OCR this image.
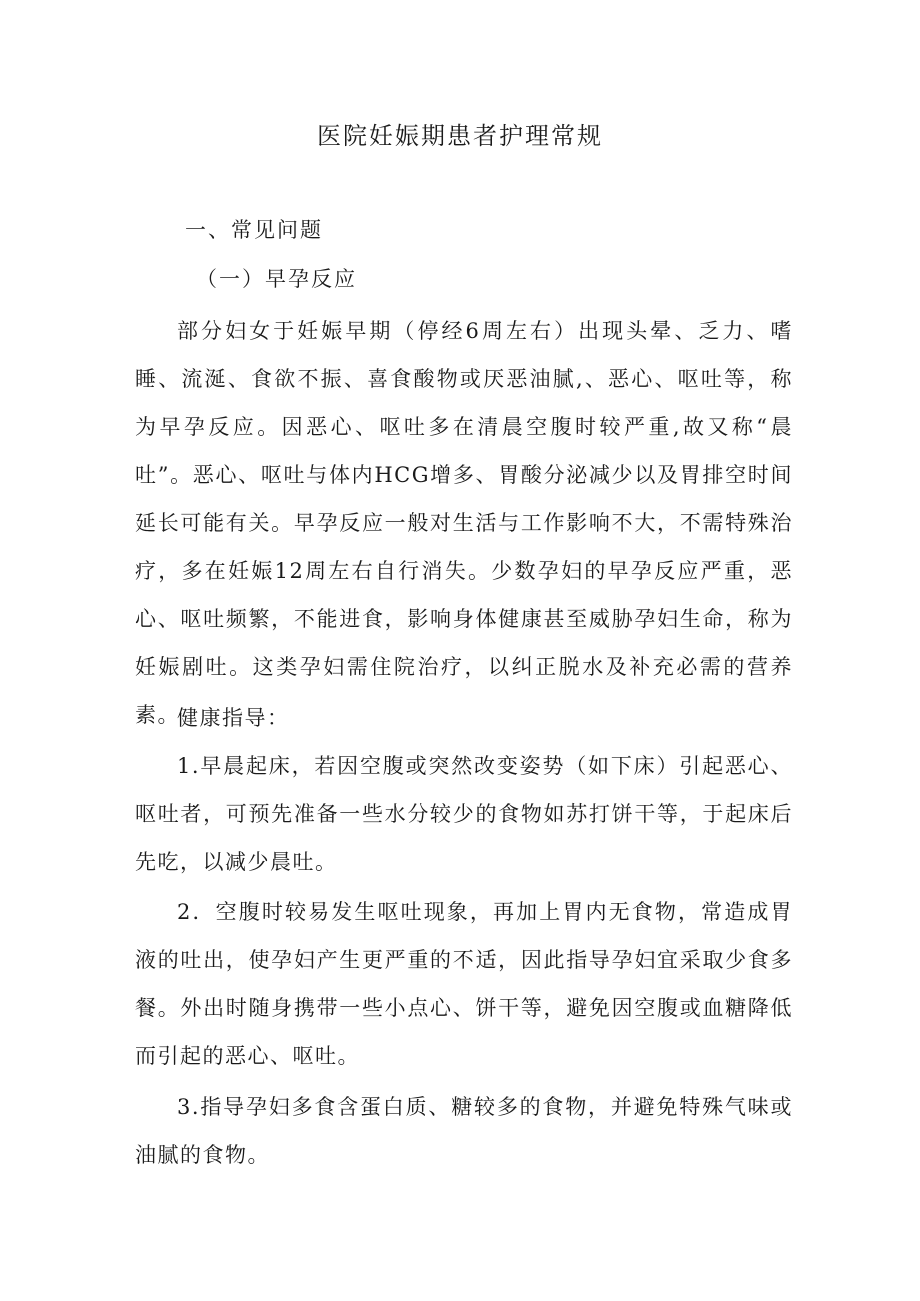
医院妊娠期患者护理常规
一、常见问题
（一）早孕反应

部分妇女于妊娠早期（停经6周左右）出现头晕、乏力、嗜睡、流涎、食欲不振、喜食酸物或厌恶油腻,、恶心、呕吐等，称为早孕反应。因恶心、呕吐多在清晨空腹时较严重,故又称“晨吐”。恶心、呕吐与体内HCG增多、胃酸分泌减少以及胃排空时间延长可能有关。早孕反应一般对生活与工作影响不大，不需特殊治疗，多在妊娠12周左右自行消失。少数孕妇的早孕反应严重，恶心、呕吐频繁，不能进食，影响身体健康甚至威胁孕妇生命，称为妊娠剧吐。这类孕妇需住院治疗，以纠正脱水及补充必需的营养素。

健康指导：

1.早晨起床，若因空腹或突然改变姿势（如下床）引起恶心、呕吐者，可预先准备一些水分较少的食物如苏打饼干等，于起床后先吃，以减少晨吐。

2．空腹时较易发生呕吐现象，再加上胃内无食物，常造成胃液的吐出，使孕妇产生更严重的不适，因此指导孕妇宜采取少食多餐。外出时随身携带一些小点心、饼干等，避免因空腹或血糖降低而引起的恶心、呕吐。

3.指导孕妇多食含蛋白质、糖较多的食物，并避免特殊气味或油腻的食物。
